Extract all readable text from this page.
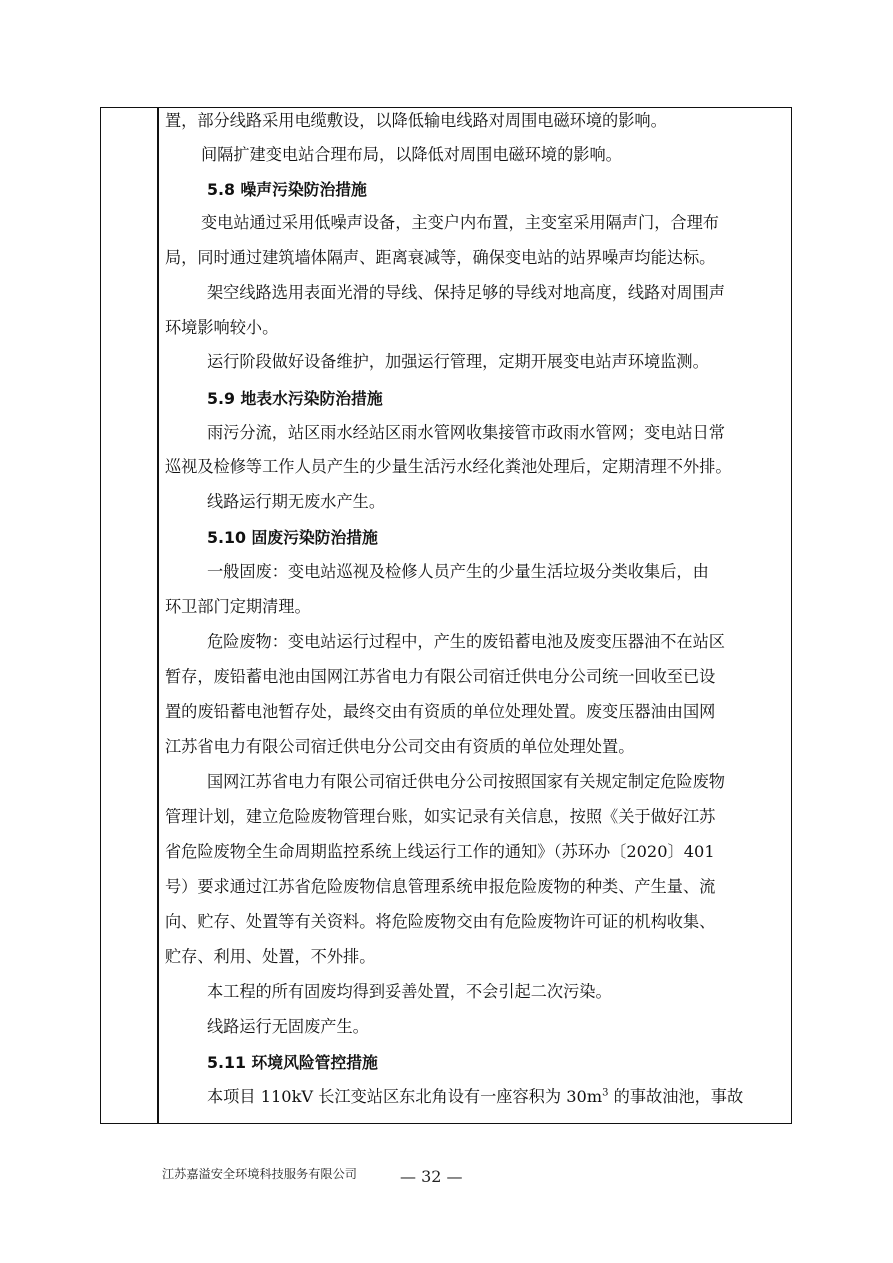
置，部分线路采用电缆敷设，以降低输电线路对周围电磁环境的影响。
间隔扩建变电站合理布局，以降低对周围电磁环境的影响。
5.8 噪声污染防治措施
变电站通过采用低噪声设备，主变户内布置，主变室采用隔声门，合理布
局，同时通过建筑墙体隔声、距离衰减等，确保变电站的站界噪声均能达标。
架空线路选用表面光滑的导线、保持足够的导线对地高度，线路对周围声
环境影响较小。
运行阶段做好设备维护，加强运行管理，定期开展变电站声环境监测。
5.9 地表水污染防治措施
雨污分流，站区雨水经站区雨水管网收集接管市政雨水管网；变电站日常
巡视及检修等工作人员产生的少量生活污水经化粪池处理后，定期清理不外排。
线路运行期无废水产生。
5.10 固废污染防治措施
一般固废：变电站巡视及检修人员产生的少量生活垃圾分类收集后，由
环卫部门定期清理。
危险废物：变电站运行过程中，产生的废铅蓄电池及废变压器油不在站区
暂存，废铅蓄电池由国网江苏省电力有限公司宿迁供电分公司统一回收至已设
置的废铅蓄电池暂存处，最终交由有资质的单位处理处置。废变压器油由国网
江苏省电力有限公司宿迁供电分公司交由有资质的单位处理处置。
国网江苏省电力有限公司宿迁供电分公司按照国家有关规定制定危险废物
管理计划，建立危险废物管理台账，如实记录有关信息，按照《关于做好江苏
省危险废物全生命周期监控系统上线运行工作的通知》（苏环办〔2020〕401
号）要求通过江苏省危险废物信息管理系统申报危险废物的种类、产生量、流
向、贮存、处置等有关资料。将危险废物交由有危险废物许可证的机构收集、
贮存、利用、处置，不外排。
本工程的所有固废均得到妥善处置，不会引起二次污染。
线路运行无固废产生。
5.11 环境风险管控措施
本项目 110kV 长江变站区东北角设有一座容积为 $30m^3$ 的事故油池，事故
江苏嘉溢安全环境科技服务有限公司	— 32 —
